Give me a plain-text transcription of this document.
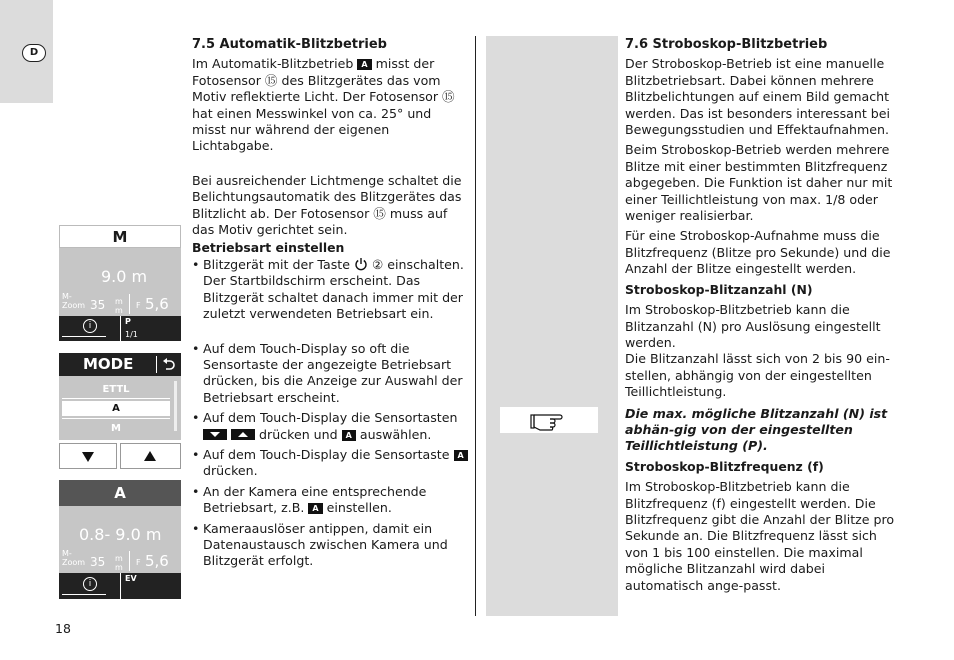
D
7.5 Automatik-Blitzbetrieb

Im Automatik-Blitzbetrieb A misst der Fotosensor ⑮ des Blitzgerätes das vom Motiv reflektierte Licht. Der Fotosensor ⑮ hat einen Messwinkel von ca. 25° und misst nur während der eigenen Lichtabgabe.

Bei ausreichender Lichtmenge schaltet die Belichtungsautomatik des Blitzgerätes das Blitzlicht ab. Der Fotosensor ⑮ muss auf das Motiv gerichtet sein.

Betriebsart einstellen

• Blitzgerät mit der Taste ② einschalten. Der Startbildschirm erscheint. Das Blitzgerät schaltet danach immer mit der zuletzt verwendeten Betriebsart ein.
• Auf dem Touch-Display so oft die Sensortaste der angezeigte Betriebsart drücken, bis die Anzeige zur Auswahl der Betriebsart erscheint.
• Auf dem Touch-Display die Sensortasten

drücken und A auswählen.
• Auf dem Touch-Display die Sensortaste A drücken.
• An der Kamera eine entsprechende Betriebsart, z.B. A einstellen.
• Kameraauslöser antippen, damit ein Datenaustausch zwischen Kamera und Blitzgerät erfolgt.
M
9.0 m
M-
Zoom 35 m
m
F 5,6
i	P
1/1
MODE
ETTL
A
M
A
0.8- 9.0 m
M-
Zoom 35 m
m
F 5,6
i
EV
7.6 Stroboskop-Blitzbetrieb

Der Stroboskop-Betrieb ist eine manuelle Blitzbetriebsart. Dabei können mehrere Blitzbelichtungen auf einem Bild gemacht werden. Das ist besonders interessant bei Bewegungsstudien und Effektaufnahmen.

Beim Stroboskop-Betrieb werden mehrere Blitze mit einer bestimmten Blitzfrequenz abgegeben. Die Funktion ist daher nur mit einer Teillichtleistung von max. 1/8 oder weniger realisierbar.

Für eine Stroboskop-Aufnahme muss die Blitzfrequenz (Blitze pro Sekunde) und die Anzahl der Blitze eingestellt werden.

Stroboskop-Blitzanzahl (N)

Im Stroboskop-Blitzbetrieb kann die Blitzanzahl (N) pro Auslösung eingestellt werden.

Die Blitzanzahl lässt sich von 2 bis 90 ein-stellen, abhängig von der eingestellten Teillichtleistung.

Die max. mögliche Blitzanzahl (N) ist abhän-gig von der eingestellten Teillichtleistung (P).

Stroboskop-Blitzfrequenz (f)

Im Stroboskop-Blitzbetrieb kann die Blitzfrequenz (f) eingestellt werden. Die Blitzfrequenz gibt die Anzahl der Blitze pro Sekunde an. Die Blitzfrequenz lässt sich von 1 bis 100 einstellen. Die maximal mögliche Blitzanzahl wird dabei automatisch ange-passt.

18
